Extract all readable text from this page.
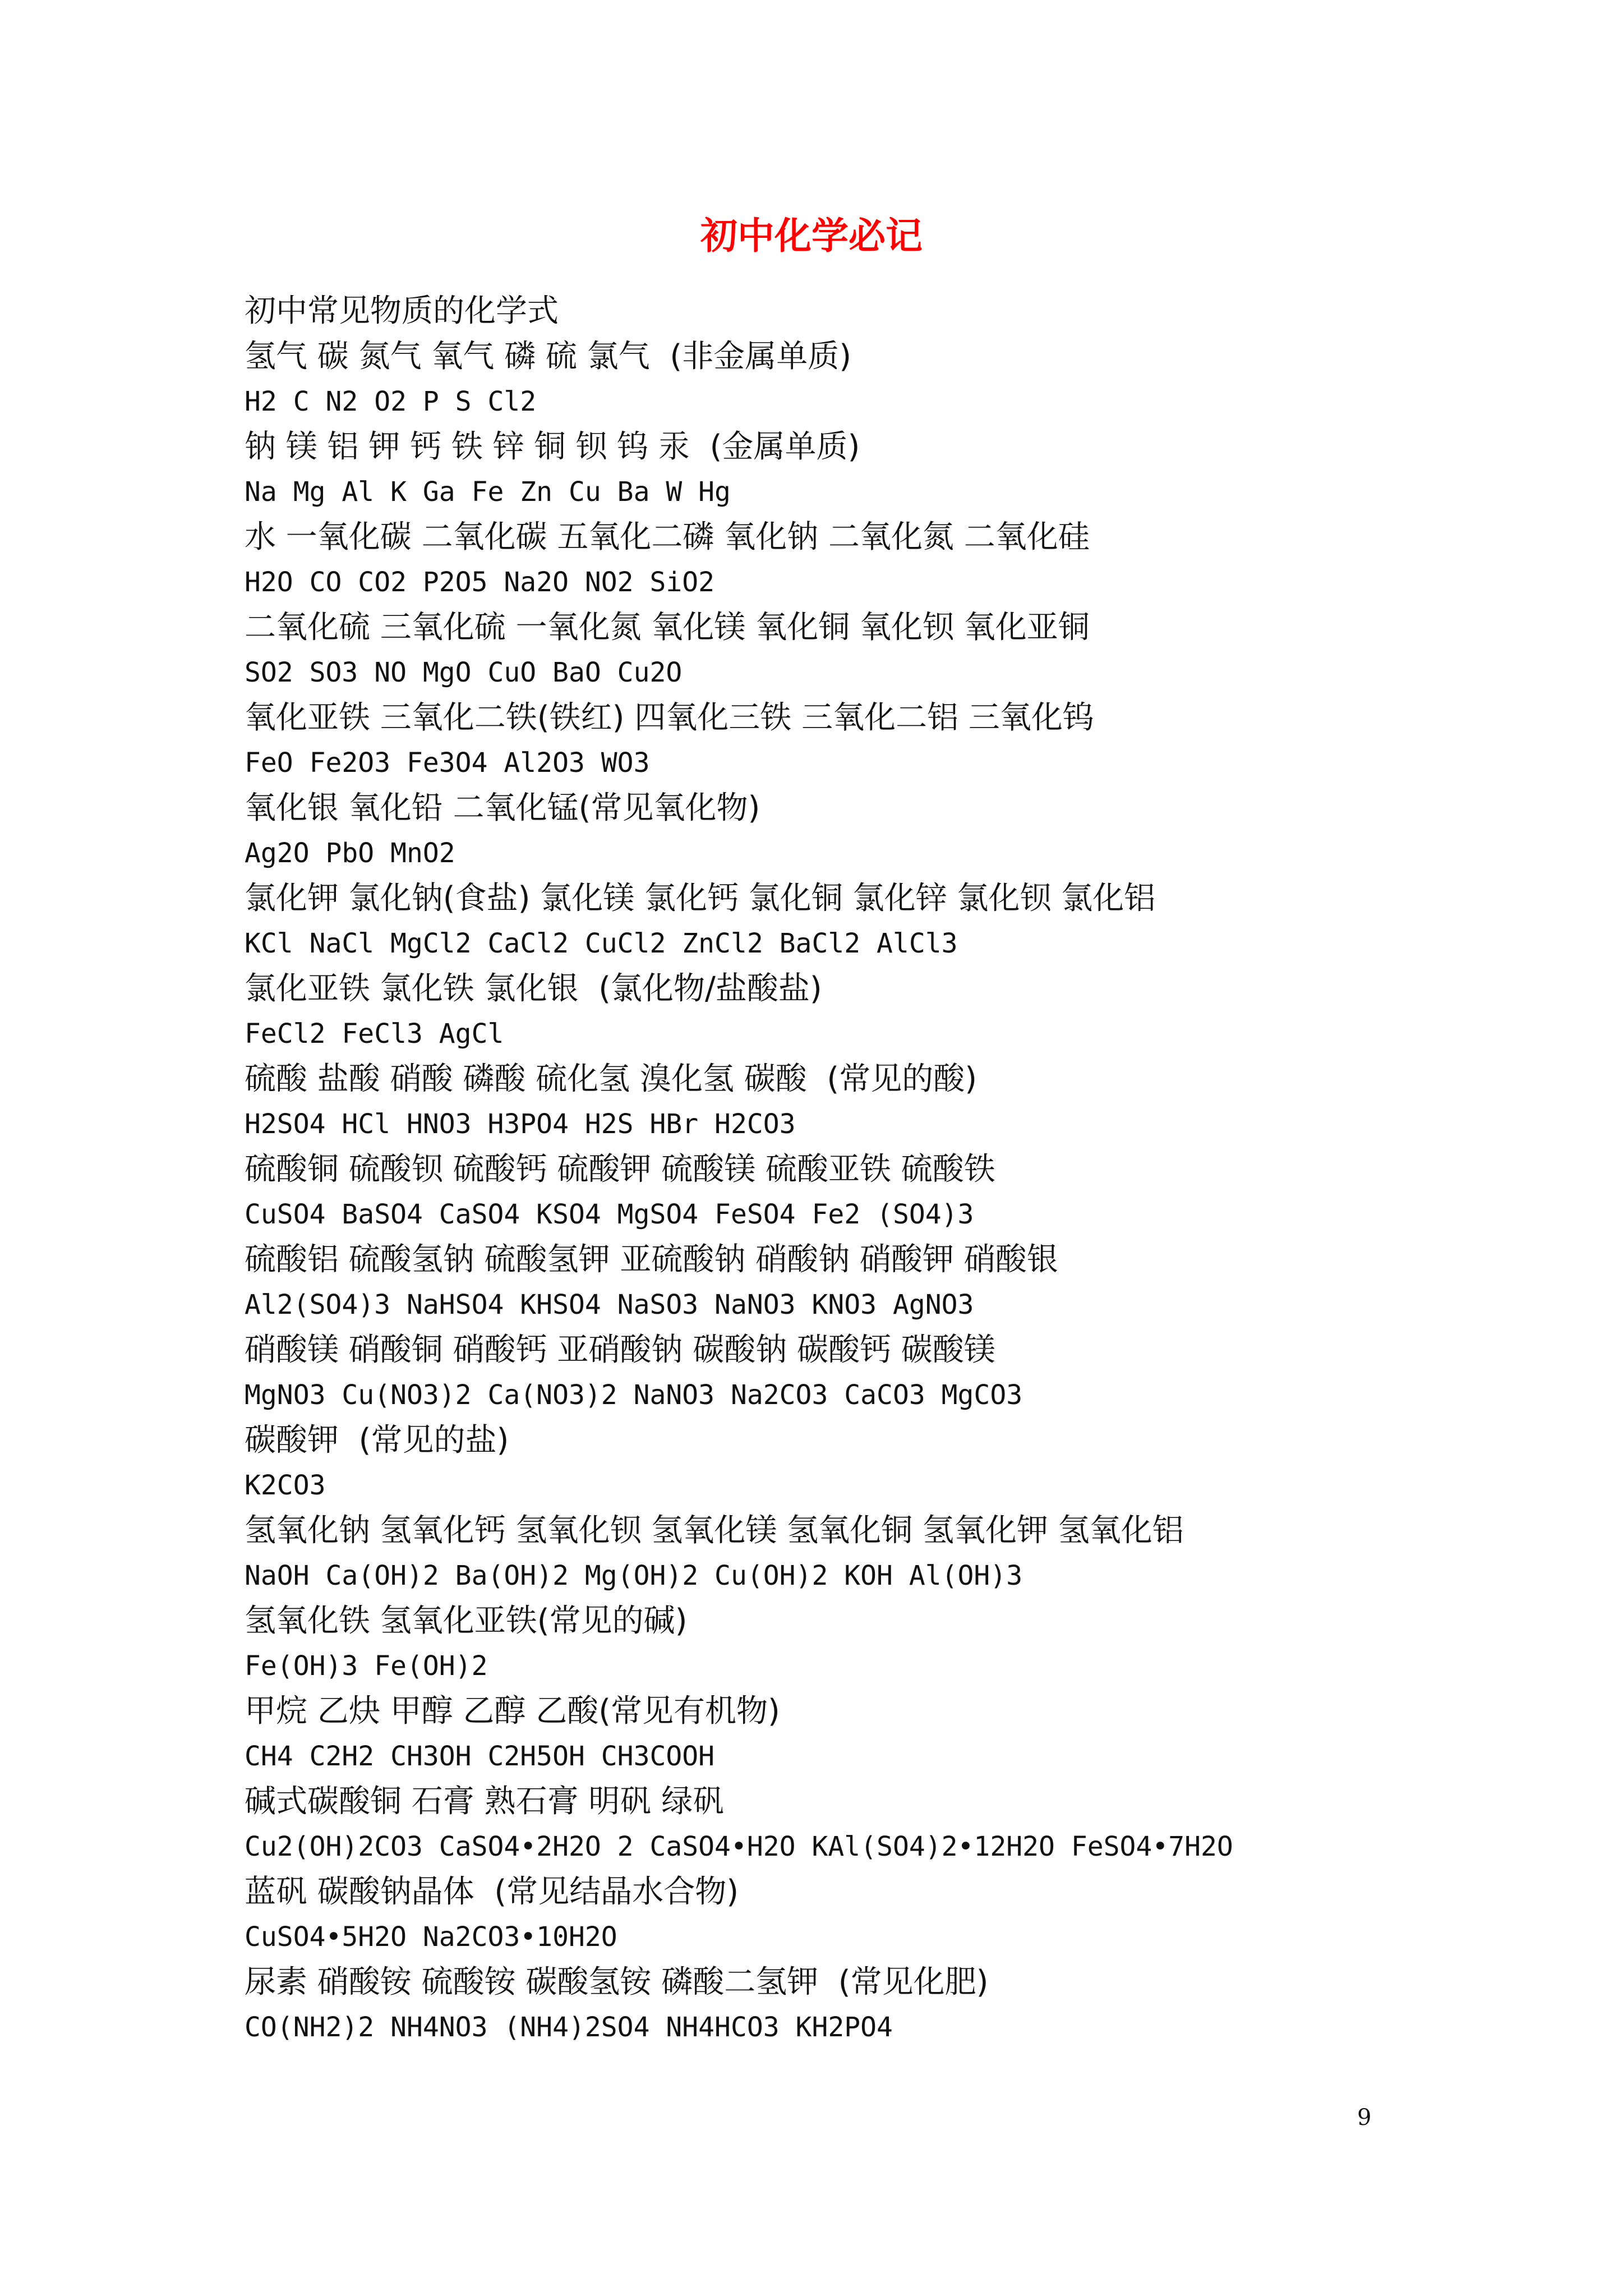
初中化学必记
初中常见物质的化学式
氢气 碳 氮气 氧气 磷 硫 氯气  (非金属单质)
H2 C N2 O2 P S Cl2
钠 镁 铝 钾 钙 铁 锌 铜 钡 钨 汞  (金属单质)
Na Mg Al K Ga Fe Zn Cu Ba W Hg
水 一氧化碳 二氧化碳 五氧化二磷 氧化钠 二氧化氮 二氧化硅
H2O CO CO2 P2O5 Na2O NO2 SiO2
二氧化硫 三氧化硫 一氧化氮 氧化镁 氧化铜 氧化钡 氧化亚铜
SO2 SO3 NO MgO CuO BaO Cu2O
氧化亚铁 三氧化二铁(铁红) 四氧化三铁 三氧化二铝 三氧化钨
FeO Fe2O3 Fe3O4 Al2O3 WO3
氧化银 氧化铅 二氧化锰(常见氧化物)
Ag2O PbO MnO2
氯化钾 氯化钠(食盐) 氯化镁 氯化钙 氯化铜 氯化锌 氯化钡 氯化铝
KCl NaCl MgCl2 CaCl2 CuCl2 ZnCl2 BaCl2 AlCl3
氯化亚铁 氯化铁 氯化银  (氯化物/盐酸盐)
FeCl2 FeCl3 AgCl
硫酸 盐酸 硝酸 磷酸 硫化氢 溴化氢 碳酸  (常见的酸)
H2SO4 HCl HNO3 H3PO4 H2S HBr H2CO3
硫酸铜 硫酸钡 硫酸钙 硫酸钾 硫酸镁 硫酸亚铁 硫酸铁
CuSO4 BaSO4 CaSO4 KSO4 MgSO4 FeSO4 Fe2 (SO4)3
硫酸铝 硫酸氢钠 硫酸氢钾 亚硫酸钠 硝酸钠 硝酸钾 硝酸银
Al2(SO4)3 NaHSO4 KHSO4 NaSO3 NaNO3 KNO3 AgNO3
硝酸镁 硝酸铜 硝酸钙 亚硝酸钠 碳酸钠 碳酸钙 碳酸镁
MgNO3 Cu(NO3)2 Ca(NO3)2 NaNO3 Na2CO3 CaCO3 MgCO3
碳酸钾  (常见的盐)
K2CO3
氢氧化钠 氢氧化钙 氢氧化钡 氢氧化镁 氢氧化铜 氢氧化钾 氢氧化铝
NaOH Ca(OH)2 Ba(OH)2 Mg(OH)2 Cu(OH)2 KOH Al(OH)3
氢氧化铁 氢氧化亚铁(常见的碱)
Fe(OH)3 Fe(OH)2
甲烷 乙炔 甲醇 乙醇 乙酸(常见有机物)
CH4 C2H2 CH3OH C2H5OH CH3COOH
碱式碳酸铜 石膏 熟石膏 明矾 绿矾
Cu2(OH)2CO3 CaSO4•2H2O 2 CaSO4•H2O KAl(SO4)2•12H2O FeSO4•7H2O
蓝矾 碳酸钠晶体  (常见结晶水合物)
CuSO4•5H2O Na2CO3•10H2O
尿素 硝酸铵 硫酸铵 碳酸氢铵 磷酸二氢钾  (常见化肥)
CO(NH2)2 NH4NO3 (NH4)2SO4 NH4HCO3 KH2PO4
9
